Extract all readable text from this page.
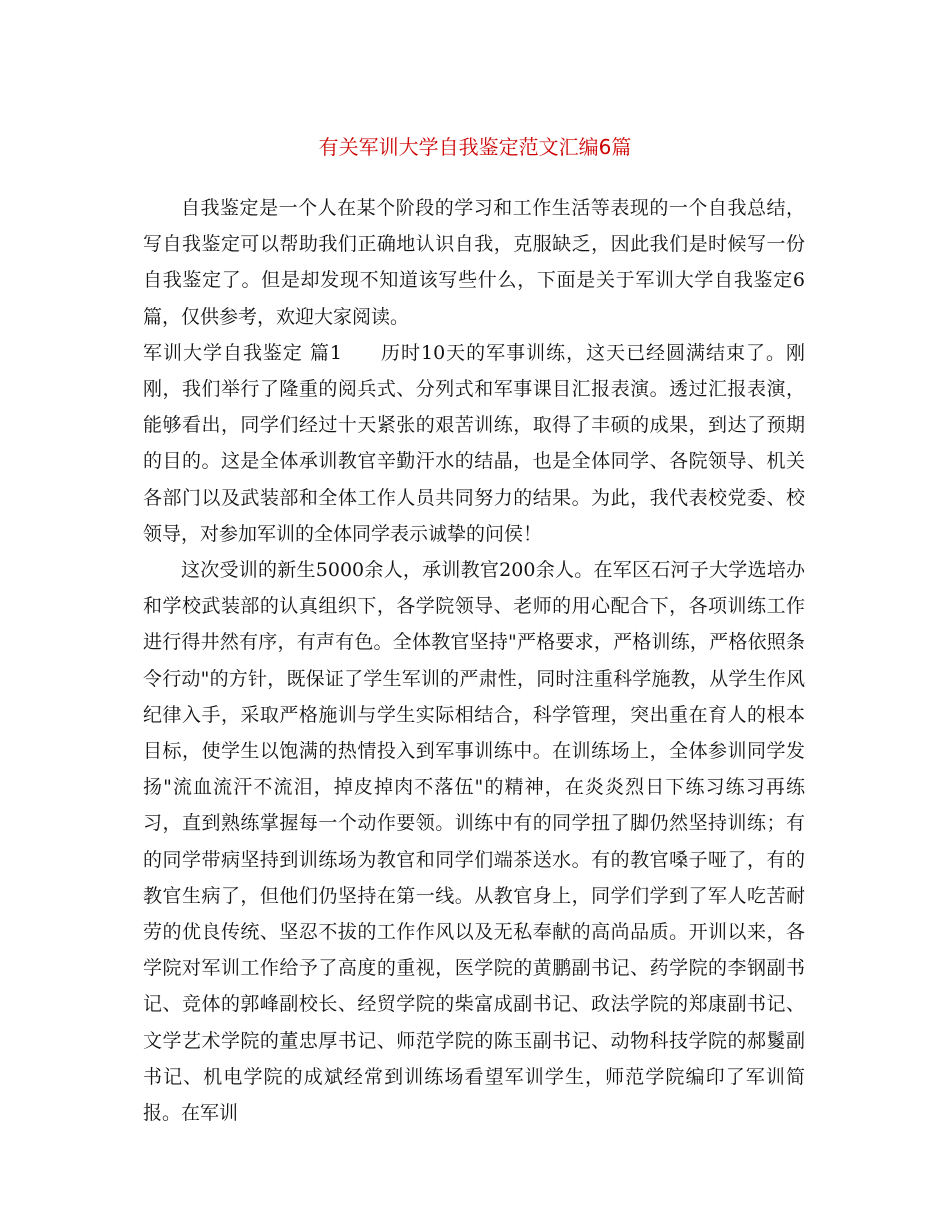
有关军训大学自我鉴定范文汇编6篇

自我鉴定是一个人在某个阶段的学习和工作生活等表现的一个自我总结，写自我鉴定可以帮助我们正确地认识自我，克服缺乏，因此我们是时候写一份自我鉴定了。但是却发现不知道该写些什么，下面是关于军训大学自我鉴定6篇，仅供参考，欢迎大家阅读。

军训大学自我鉴定 篇1 历时10天的军事训练，这天已经圆满结束了。刚刚，我们举行了隆重的阅兵式、分列式和军事课目汇报表演。透过汇报表演，能够看出，同学们经过十天紧张的艰苦训练，取得了丰硕的成果，到达了预期的目的。这是全体承训教官辛勤汗水的结晶，也是全体同学、各院领导、机关各部门以及武装部和全体工作人员共同努力的结果。为此，我代表校党委、校领导，对参加军训的全体同学表示诚挚的问侯！

这次受训的新生5000余人，承训教官200余人。在军区石河子大学选培办和学校武装部的认真组织下，各学院领导、老师的用心配合下，各项训练工作进行得井然有序，有声有色。全体教官坚持"严格要求，严格训练，严格依照条令行动"的方针，既保证了学生军训的严肃性，同时注重科学施教，从学生作风纪律入手，采取严格施训与学生实际相结合，科学管理，突出重在育人的根本目标，使学生以饱满的热情投入到军事训练中。在训练场上，全体参训同学发扬"流血流汗不流泪，掉皮掉肉不落伍"的精神，在炎炎烈日下练习练习再练习，直到熟练掌握每一个动作要领。训练中有的同学扭了脚仍然坚持训练；有的同学带病坚持到训练场为教官和同学们端茶送水。有的教官嗓子哑了，有的教官生病了，但他们仍坚持在第一线。从教官身上，同学们学到了军人吃苦耐劳的优良传统、坚忍不拔的工作作风以及无私奉献的高尚品质。开训以来，各学院对军训工作给予了高度的重视，医学院的黄鹏副书记、药学院的李钢副书记、竞体的郭峰副校长、经贸学院的柴富成副书记、政法学院的郑康副书记、文学艺术学院的董忠厚书记、师范学院的陈玉副书记、动物科技学院的郝鬉副书记、机电学院的成斌经常到训练场看望军训学生，师范学院编印了军训简报。在军训
